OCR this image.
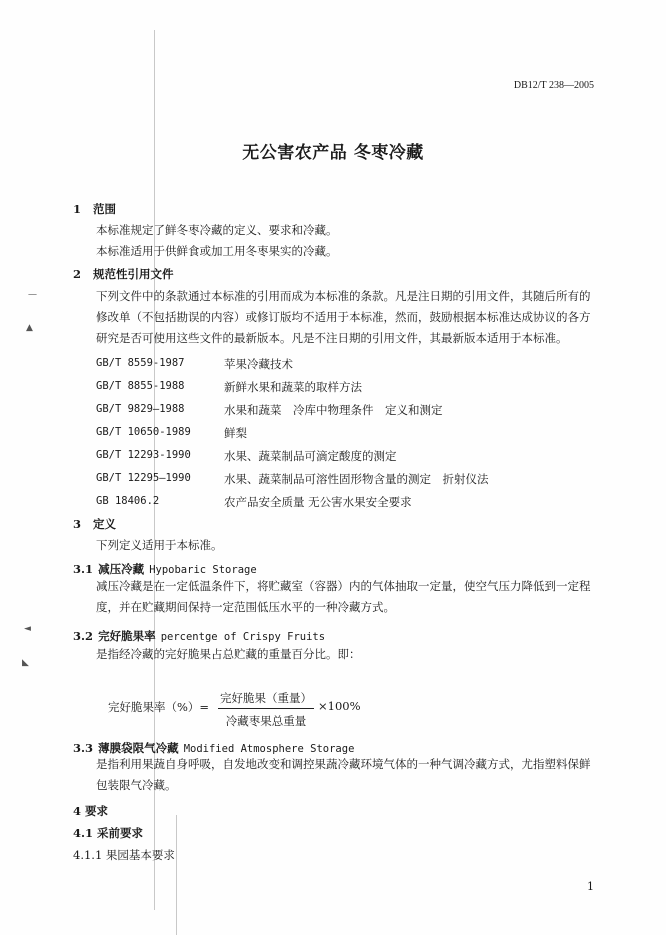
—
▲
◄
◣
DB12/T 238—2005
无公害农产品 冬枣冷藏
1 范围
本标准规定了鲜冬枣冷藏的定义、要求和冷藏。
本标准适用于供鲜食或加工用冬枣果实的冷藏。
2 规范性引用文件
下列文件中的条款通过本标准的引用而成为本标准的条款。凡是注日期的引用文件，其随后所有的修改单（不包括勘误的内容）或修订版均不适用于本标准，然而，鼓励根据本标准达成协议的各方研究是否可使用这些文件的最新版本。凡是不注日期的引用文件，其最新版本适用于本标准。
GB/T 8559-1987	苹果冷藏技术
GB/T 8855-1988	新鲜水果和蔬菜的取样方法
GB/T 9829—1988	水果和蔬菜　冷库中物理条件　定义和测定
GB/T 10650-1989	鲜梨
GB/T 12293-1990	水果、蔬菜制品可滴定酸度的测定
GB/T 12295—1990	水果、蔬菜制品可溶性固形物含量的测定　折射仪法
GB 18406.2	农产品安全质量 无公害水果安全要求
3 定义
下列定义适用于本标准。
3.1 减压冷藏 Hypobaric Storage
减压冷藏是在一定低温条件下，将贮藏室（容器）内的气体抽取一定量，使空气压力降低到一定程度，并在贮藏期间保持一定范围低压水平的一种冷藏方式。
3.2 完好脆果率 percentge of Crispy Fruits
是指经冷藏的完好脆果占总贮藏的重量百分比。即：
完好脆果率（%）=
完好脆果（重量）
冷藏枣果总重量
×100%
3.3 薄膜袋限气冷藏 Modified Atmosphere Storage
是指利用果蔬自身呼吸，自发地改变和调控果蔬冷藏环境气体的一种气调冷藏方式，尤指塑料保鲜包装限气冷藏。
4 要求
4.1 采前要求
4.1.1 果园基本要求
1
